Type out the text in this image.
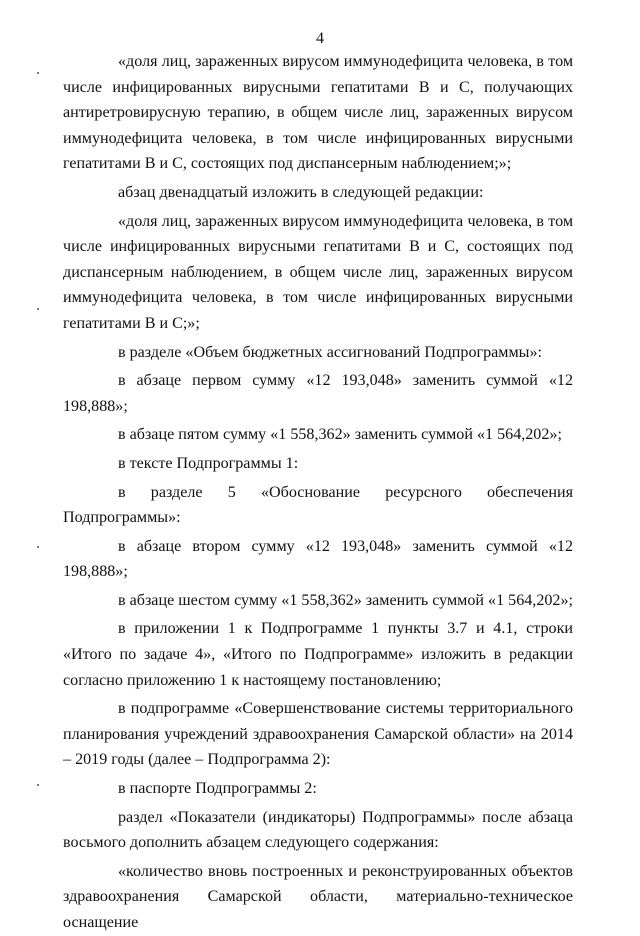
4

«доля лиц, зараженных вирусом иммунодефицита человека, в том числе инфицированных вирусными гепатитами В и С, получающих антиретровирусную терапию, в общем числе лиц, зараженных вирусом иммунодефицита человека, в том числе инфицированных вирусными гепатитами В и С, состоящих под диспансерным наблюдением;»;

абзац двенадцатый изложить в следующей редакции:

«доля лиц, зараженных вирусом иммунодефицита человека, в том числе инфицированных вирусными гепатитами В и С, состоящих под диспансерным наблюдением, в общем числе лиц, зараженных вирусом иммунодефицита человека, в том числе инфицированных вирусными гепатитами В и С;»;

в разделе «Объем бюджетных ассигнований Подпрограммы»:

в абзаце первом сумму «12 193,048» заменить суммой «12 198,888»;

в абзаце пятом сумму «1 558,362» заменить суммой «1 564,202»;

в тексте Подпрограммы 1:

в разделе 5 «Обоснование ресурсного обеспечения Подпрограммы»:

в абзаце втором сумму «12 193,048» заменить суммой «12 198,888»;

в абзаце шестом сумму «1 558,362» заменить суммой «1 564,202»;

в приложении 1 к Подпрограмме 1 пункты 3.7 и 4.1, строки «Итого по задаче 4», «Итого по Подпрограмме» изложить в редакции согласно приложению 1 к настоящему постановлению;

в подпрограмме «Совершенствование системы территориального планирования учреждений здравоохранения Самарской области» на 2014 – 2019 годы (далее – Подпрограмма 2):

в паспорте Подпрограммы 2:

раздел «Показатели (индикаторы) Подпрограммы» после абзаца восьмого дополнить абзацем следующего содержания:

«количество вновь построенных и реконструированных объектов здравоохранения Самарской области, материально-техническое оснащение
